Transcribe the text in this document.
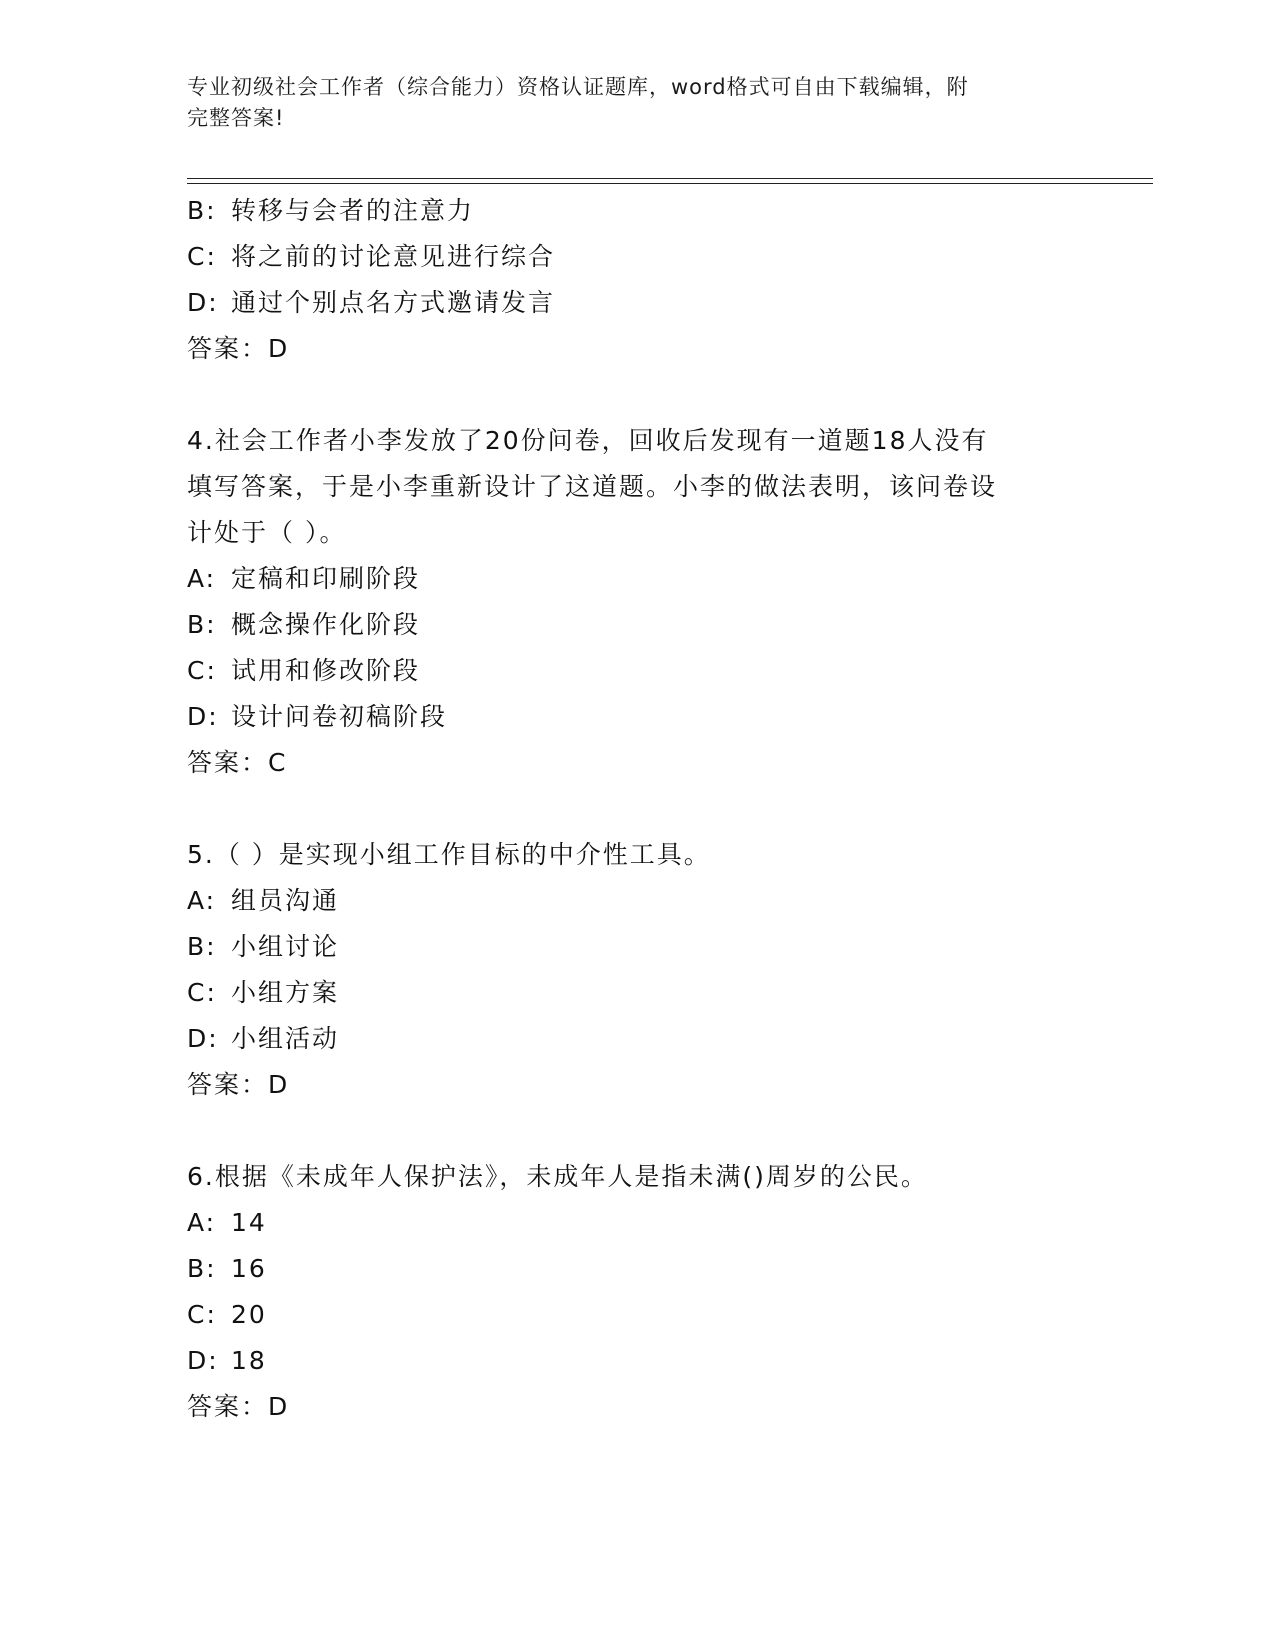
专业初级社会工作者（综合能力）资格认证题库，word格式可自由下载编辑，附
完整答案!
B: 转移与会者的注意力
C: 将之前的讨论意见进行综合
D: 通过个别点名方式邀请发言
答案：D
4.社会工作者小李发放了20份问卷，回收后发现有一道题18人没有
填写答案，于是小李重新设计了这道题。小李的做法表明，该问卷设
计处于（ ）。
A: 定稿和印刷阶段
B: 概念操作化阶段
C: 试用和修改阶段
D: 设计问卷初稿阶段
答案：C
5.（ ）是实现小组工作目标的中介性工具。
A: 组员沟通
B: 小组讨论
C: 小组方案
D: 小组活动
答案：D
6.根据《未成年人保护法》，未成年人是指未满()周岁的公民。
A: 14
B: 16
C: 20
D: 18
答案：D
